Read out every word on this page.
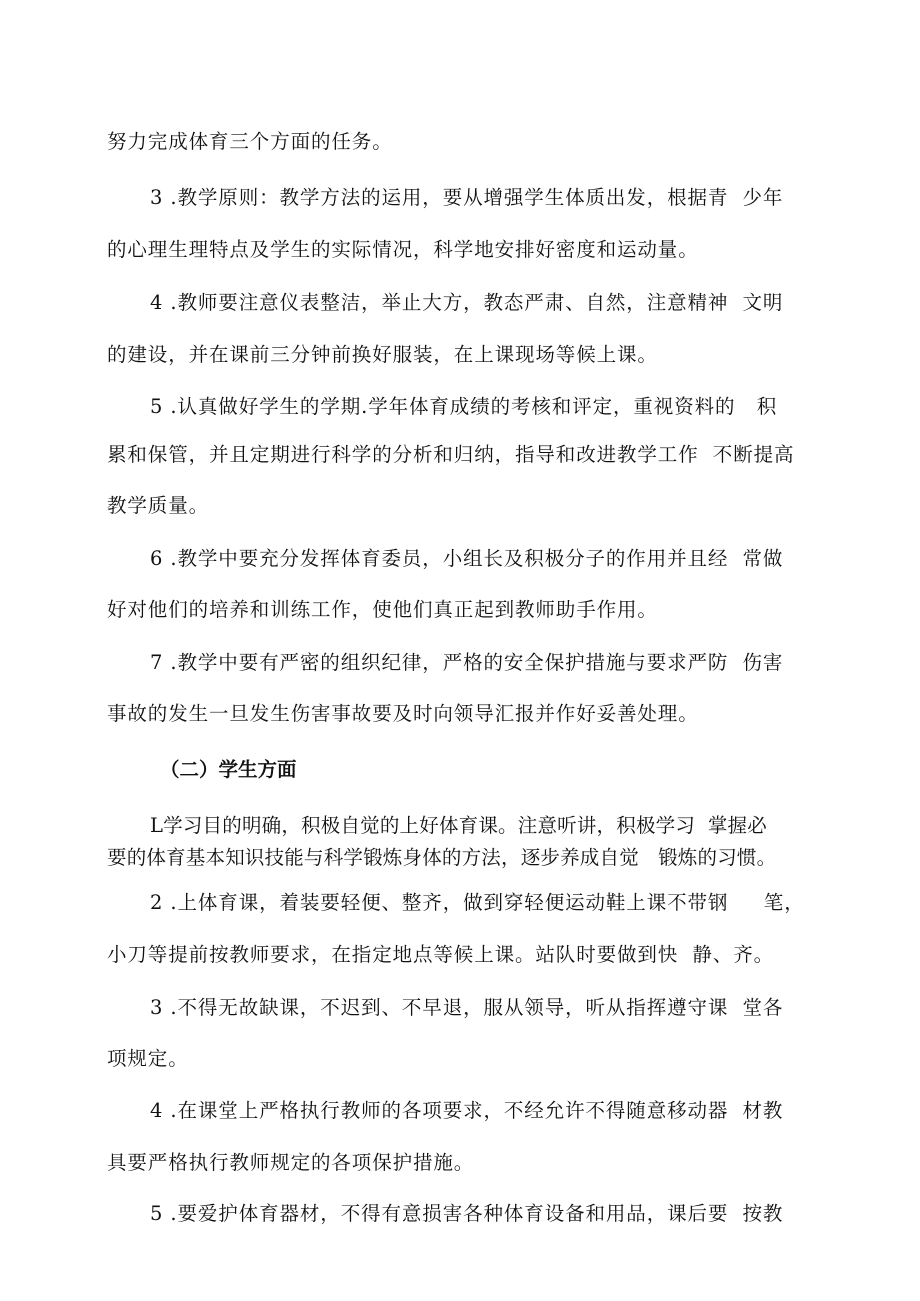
努力完成体育三个方面的任务。
3 .教学原则：教学方法的运用，要从增强学生体质出发，根据青  少年
的心理生理特点及学生的实际情况，科学地安排好密度和运动量。
4 .教师要注意仪表整洁，举止大方，教态严肃、自然，注意精神  文明
的建设，并在课前三分钟前换好服装，在上课现场等候上课。
5 .认真做好学生的学期.学年体育成绩的考核和评定，重视资料的   积
累和保管，并且定期进行科学的分析和归纳，指导和改进教学工作  不断提高
教学质量。
6 .教学中要充分发挥体育委员，小组长及积极分子的作用并且经  常做
好对他们的培养和训练工作，使他们真正起到教师助手作用。
7 .教学中要有严密的组织纪律，严格的安全保护措施与要求严防  伤害
事故的发生一旦发生伤害事故要及时向领导汇报并作好妥善处理。
（二）学生方面
L学习目的明确，积极自觉的上好体育课。注意听讲，积极学习  掌握必
要的体育基本知识技能与科学锻炼身体的方法，逐步养成自觉   锻炼的习惯。
2 .上体育课，着装要轻便、整齐，做到穿轻便运动鞋上课不带钢     笔，
小刀等提前按教师要求，在指定地点等候上课。站队时要做到快  静、齐。
3 .不得无故缺课，不迟到、不早退，服从领导，听从指挥遵守课  堂各
项规定。
4 .在课堂上严格执行教师的各项要求，不经允许不得随意移动器  材教
具要严格执行教师规定的各项保护措施。
5 .要爱护体育器材，不得有意损害各种体育设备和用品，课后要  按教
